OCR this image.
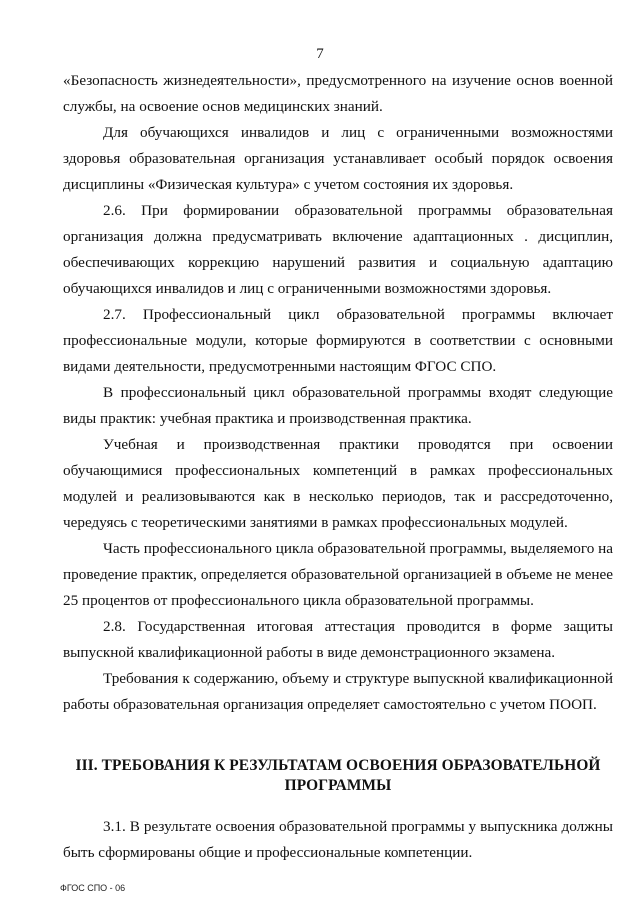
7

«Безопасность жизнедеятельности», предусмотренного на изучение основ военной службы, на освоение основ медицинских знаний.

Для обучающихся инвалидов и лиц с ограниченными возможностями здоровья образовательная организация устанавливает особый порядок освоения дисциплины «Физическая культура» с учетом состояния их здоровья.

2.6. При формировании образовательной программы образовательная организация должна предусматривать включение адаптационных . дисциплин, обеспечивающих коррекцию нарушений развития и социальную адаптацию обучающихся инвалидов и лиц с ограниченными возможностями здоровья.

2.7. Профессиональный цикл образовательной программы включает профессиональные модули, которые формируются в соответствии с основными видами деятельности, предусмотренными настоящим ФГОС СПО.

В профессиональный цикл образовательной программы входят следующие виды практик: учебная практика и производственная практика.

Учебная и производственная практики проводятся при освоении обучающимися профессиональных компетенций в рамках профессиональных модулей и реализовываются как в несколько периодов, так и рассредоточенно, чередуясь с теоретическими занятиями в рамках профессиональных модулей.

Часть профессионального цикла образовательной программы, выделяемого на проведение практик, определяется образовательной организацией в объеме не менее 25 процентов от профессионального цикла образовательной программы.

2.8. Государственная итоговая аттестация проводится в форме защиты выпускной квалификационной работы в виде демонстрационного экзамена.

Требования к содержанию, объему и структуре выпускной квалификационной работы образовательная организация определяет самостоятельно с учетом ПООП.

III. ТРЕБОВАНИЯ К РЕЗУЛЬТАТАМ ОСВОЕНИЯ ОБРАЗОВАТЕЛЬНОЙ ПРОГРАММЫ

3.1. В результате освоения образовательной программы у выпускника должны быть сформированы общие и профессиональные компетенции.

ФГОС СПО - 06
